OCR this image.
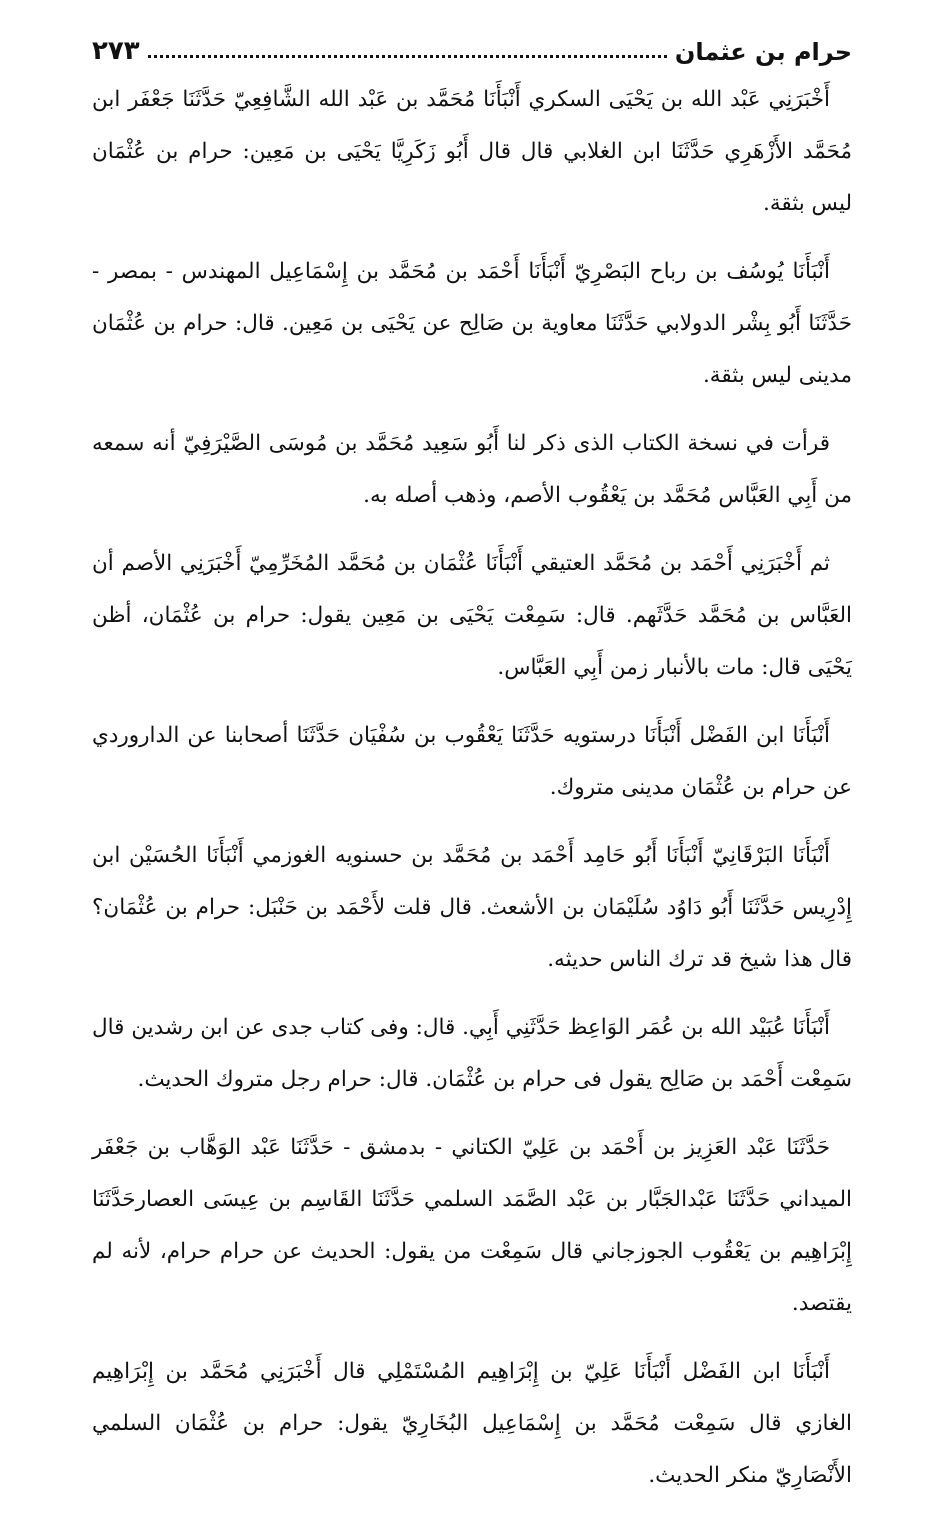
٢٧٣	حرام بن عثمان

أَخْبَرَنِي عَبْد الله بن يَحْيَى السكري أَنْبَأَنَا مُحَمَّد بن عَبْد الله الشَّافِعِيّ حَدَّثَنَا جَعْفَر ابن مُحَمَّد الأَزْهَرِي حَدَّثَنَا ابن الغلابي قال قال أَبُو زَكَرِيَّا يَحْيَى بن مَعِين: حرام بن عُثْمَان ليس بثقة.

أَنْبَأَنَا يُوسُف بن رباح البَصْرِيّ أَنْبَأَنَا أَحْمَد بن مُحَمَّد بن إِسْمَاعِيل المهندس - بمصر - حَدَّثَنَا أَبُو بِشْر الدولابي حَدَّثَنَا معاوية بن صَالِح عن يَحْيَى بن مَعِين. قال: حرام بن عُثْمَان مدينى ليس بثقة.

قرأت في نسخة الكتاب الذى ذكر لنا أَبُو سَعِيد مُحَمَّد بن مُوسَى الصَّيْرَفِيّ أنه سمعه من أَبِي العَبَّاس مُحَمَّد بن يَعْقُوب الأصم، وذهب أصله به.

ثم أَخْبَرَنِي أَحْمَد بن مُحَمَّد العتيقي أَنْبَأَنَا عُثْمَان بن مُحَمَّد المُخَرِّمِيّ أَخْبَرَنِي الأصم أن العَبَّاس بن مُحَمَّد حَدَّثَهم. قال: سَمِعْت يَحْيَى بن مَعِين يقول: حرام بن عُثْمَان، أظن يَحْيَى قال: مات بالأنبار زمن أَبِي العَبَّاس.

أَنْبَأَنَا ابن الفَضْل أَنْبَأَنَا درستويه حَدَّثَنَا يَعْقُوب بن سُفْيَان حَدَّثَنَا أصحابنا عن الداروردي عن حرام بن عُثْمَان مدينى متروك.

أَنْبَأَنَا البَرْقَانِيّ أَنْبَأَنَا أَبُو حَامِد أَحْمَد بن مُحَمَّد بن حسنويه الغوزمي أَنْبَأَنَا الحُسَيْن ابن إِدْرِيس حَدَّثَنَا أَبُو دَاوُد سُلَيْمَان بن الأشعث. قال قلت لأَحْمَد بن حَنْبَل: حرام بن عُثْمَان؟ قال هذا شيخ قد ترك الناس حديثه.

أَنْبَأَنَا عُبَيْد الله بن عُمَر الوَاعِظ حَدَّثَنِي أَبِي. قال: وفى كتاب جدى عن ابن رشدين قال سَمِعْت أَحْمَد بن صَالِح يقول فى حرام بن عُثْمَان. قال: حرام رجل متروك الحديث.

حَدَّثَنَا عَبْد العَزِيز بن أَحْمَد بن عَلِيّ الكتاني - بدمشق - حَدَّثَنَا عَبْد الوَهَّاب بن جَعْفَر الميداني حَدَّثَنَا عَبْدالجَبَّار بن عَبْد الصَّمَد السلمي حَدَّثَنَا القَاسِم بن عِيسَى العصارحَدَّثَنَا إِبْرَاهِيم بن يَعْقُوب الجوزجاني قال سَمِعْت من يقول: الحديث عن حرام حرام، لأنه لم يقتصد.

أَنْبَأَنَا ابن الفَضْل أَنْبَأَنَا عَلِيّ بن إِبْرَاهِيم المُسْتَمْلِي قال أَخْبَرَنِي مُحَمَّد بن إِبْرَاهِيم الغازي قال سَمِعْت مُحَمَّد بن إِسْمَاعِيل البُخَارِيّ يقول: حرام بن عُثْمَان السلمي الأَنْصَارِيّ منكر الحديث.
